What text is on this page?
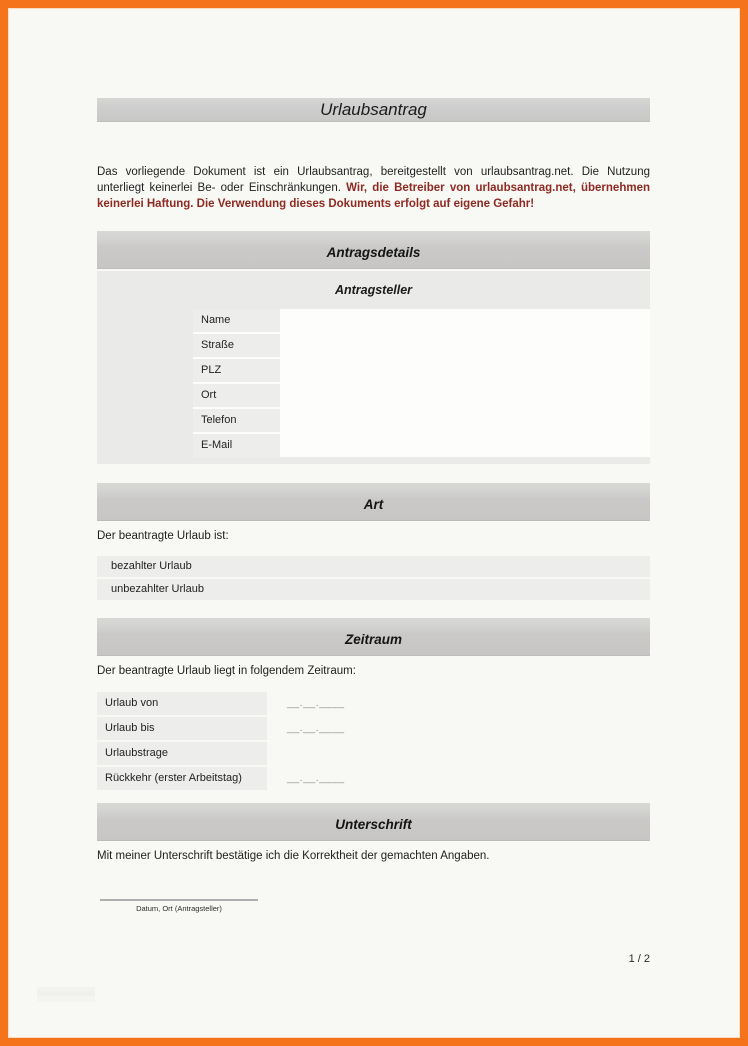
Urlaubsantrag

Das vorliegende Dokument ist ein Urlaubsantrag, bereitgestellt von urlaubsantrag.net. Die Nutzung unterliegt keinerlei Be- oder Einschränkungen. Wir, die Betreiber von urlaubsantrag.net, übernehmen keinerlei Haftung. Die Verwendung dieses Dokuments erfolgt auf eigene Gefahr!

Antragsdetails
Antragsteller
Name
Straße
PLZ
Ort
Telefon
E-Mail
Art
Der beantragte Urlaub ist:
bezahlter Urlaub
unbezahlter Urlaub
Zeitraum
Der beantragte Urlaub liegt in folgendem Zeitraum:
Urlaub von	__.__.____
Urlaub bis	__.__.____
Urlaubstrage
Rückkehr (erster Arbeitstag)	__.__.____
Unterschrift
Mit meiner Unterschrift bestätige ich die Korrektheit der gemachten Angaben.
Datum, Ort (Antragsteller)
1 / 2
